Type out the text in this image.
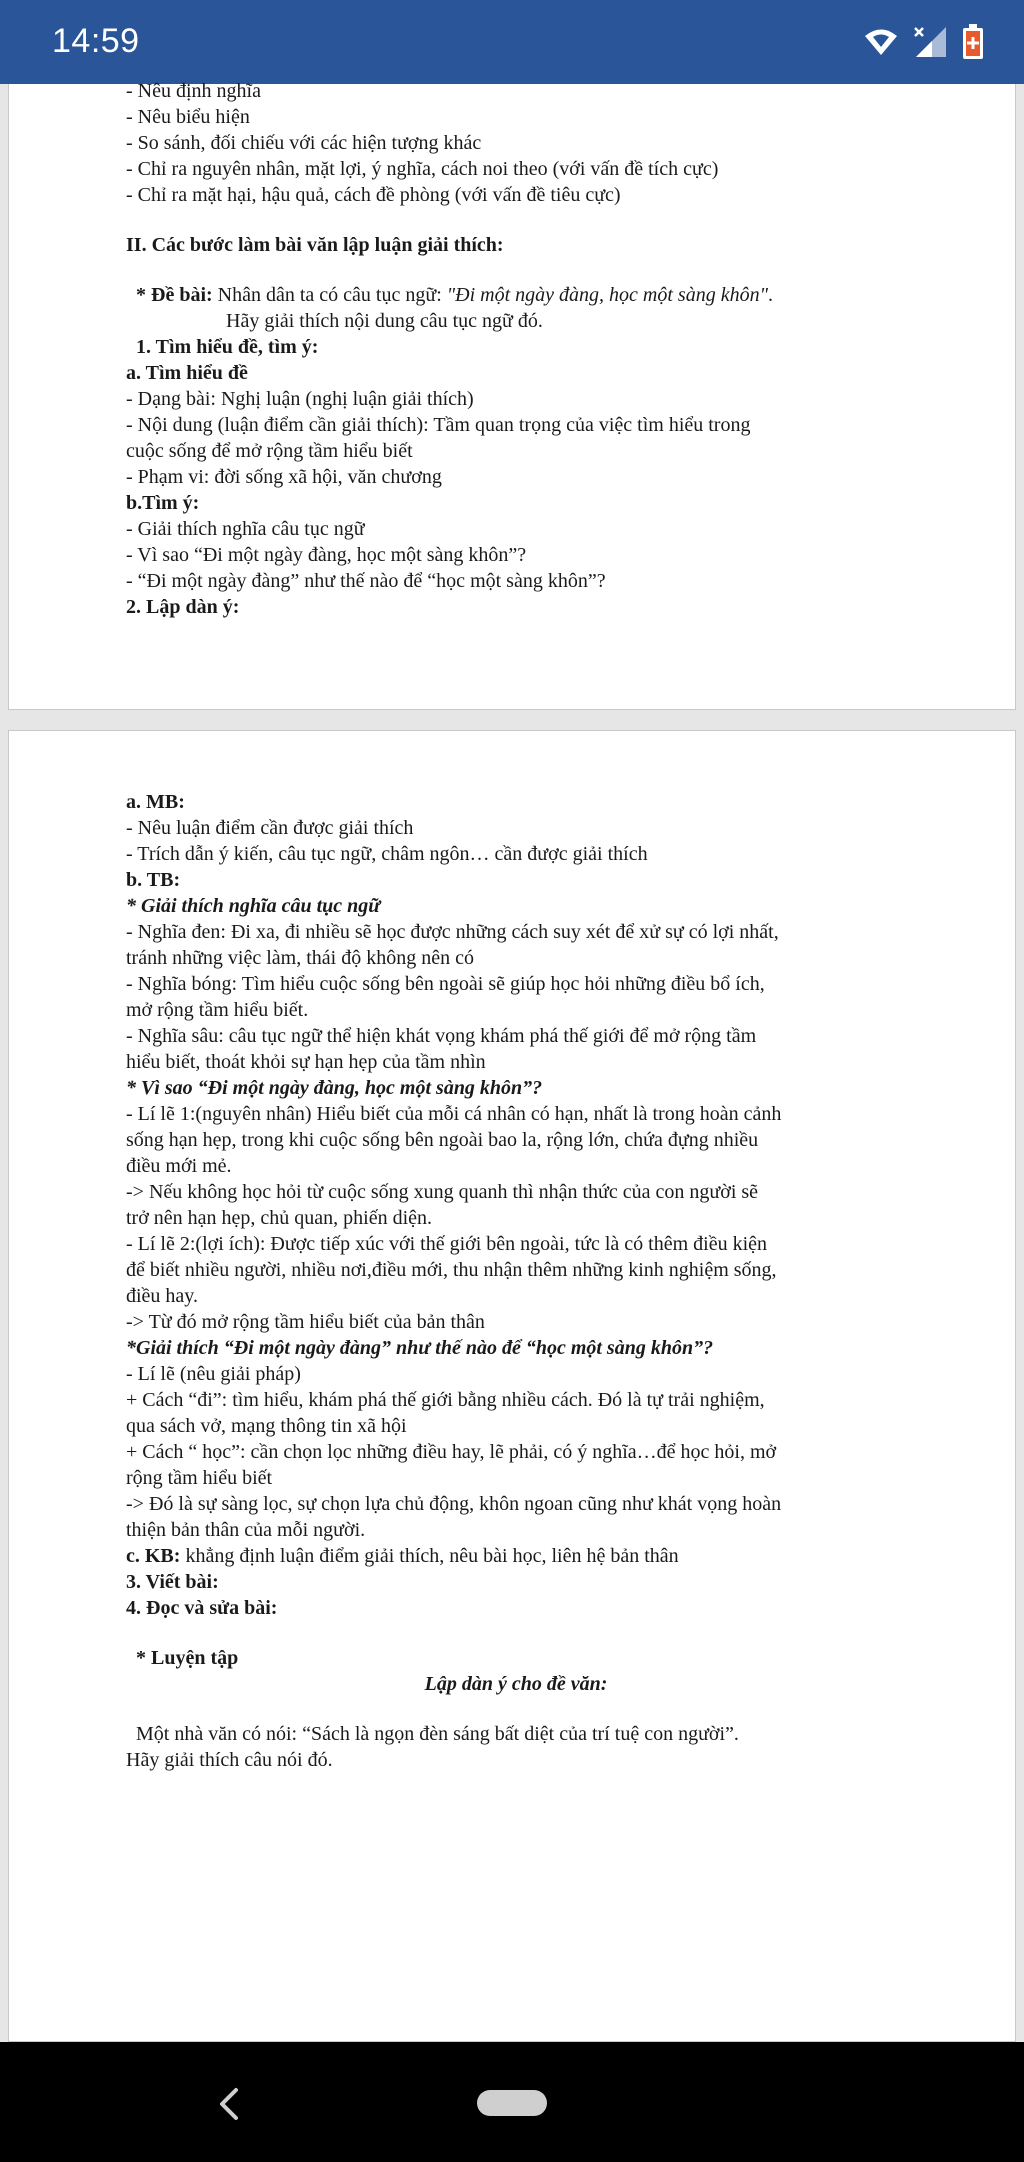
14:59
- Nêu định nghĩa
- Nêu biểu hiện
- So sánh, đối chiếu với các hiện tượng khác
- Chỉ ra nguyên nhân, mặt lợi, ý nghĩa, cách noi theo (với vấn đề tích cực)
- Chỉ ra mặt hại, hậu quả, cách đề phòng (với vấn đề tiêu cực)
II. Các bước làm bài văn lập luận giải thích:
* Đề bài: Nhân dân ta có câu tục ngữ: "Đi một ngày đàng, học một sàng khôn".
Hãy giải thích nội dung câu tục ngữ đó.
1. Tìm hiểu đề, tìm ý:
a. Tìm hiểu đề
- Dạng bài: Nghị luận (nghị luận giải thích)
- Nội dung (luận điểm cần giải thích): Tầm quan trọng của việc tìm hiểu trong
cuộc sống để mở rộng tầm hiểu biết
- Phạm vi: đời sống xã hội, văn chương
b.Tìm ý:
- Giải thích nghĩa câu tục ngữ
- Vì sao “Đi một ngày đàng, học một sàng khôn”?
- “Đi một ngày đàng” như thế nào để “học một sàng khôn”?
2. Lập dàn ý:
a. MB:
- Nêu luận điểm cần được giải thích
- Trích dẫn ý kiến, câu tục ngữ, châm ngôn… cần được giải thích
b. TB:
* Giải thích nghĩa câu tục ngữ
- Nghĩa đen: Đi xa, đi nhiều sẽ học được những cách suy xét để xử sự có lợi nhất,
tránh những việc làm, thái độ không nên có
- Nghĩa bóng: Tìm hiểu cuộc sống bên ngoài sẽ giúp học hỏi những điều bổ ích,
mở rộng tầm hiểu biết.
- Nghĩa sâu: câu tục ngữ thể hiện khát vọng khám phá thế giới để mở rộng tầm
hiểu biết, thoát khỏi sự hạn hẹp của tầm nhìn
* Vì sao “Đi một ngày đàng, học một sàng khôn”?
- Lí lẽ 1:(nguyên nhân) Hiểu biết của mỗi cá nhân có hạn, nhất là trong hoàn cảnh
sống hạn hẹp, trong khi cuộc sống bên ngoài bao la, rộng lớn, chứa đựng nhiều
điều mới mẻ.
-> Nếu không học hỏi từ cuộc sống xung quanh thì nhận thức của con người sẽ
trở nên hạn hẹp, chủ quan, phiến diện.
- Lí lẽ 2:(lợi ích): Được tiếp xúc với thế giới bên ngoài, tức là có thêm điều kiện
để biết nhiều người, nhiều nơi,điều mới, thu nhận thêm những kinh nghiệm sống,
điều hay.
-> Từ đó mở rộng tầm hiểu biết của bản thân
*Giải thích “Đi một ngày đàng” như thế nào để “học một sàng khôn”?
- Lí lẽ (nêu giải pháp)
+ Cách “đi”: tìm hiểu, khám phá thế giới bằng nhiều cách. Đó là tự trải nghiệm,
qua sách vở, mạng thông tin xã hội
+ Cách “ học”: cần chọn lọc những điều hay, lẽ phải, có ý nghĩa…để học hỏi, mở
rộng tầm hiểu biết
-> Đó là sự sàng lọc, sự chọn lựa chủ động, khôn ngoan cũng như khát vọng hoàn
thiện bản thân của mỗi người.
c. KB: khẳng định luận điểm giải thích, nêu bài học, liên hệ bản thân
3. Viết bài:
4. Đọc và sửa bài:
* Luyện tập
Lập dàn ý cho đề văn:
Một nhà văn có nói: “Sách là ngọn đèn sáng bất diệt của trí tuệ con người”.
Hãy giải thích câu nói đó.
